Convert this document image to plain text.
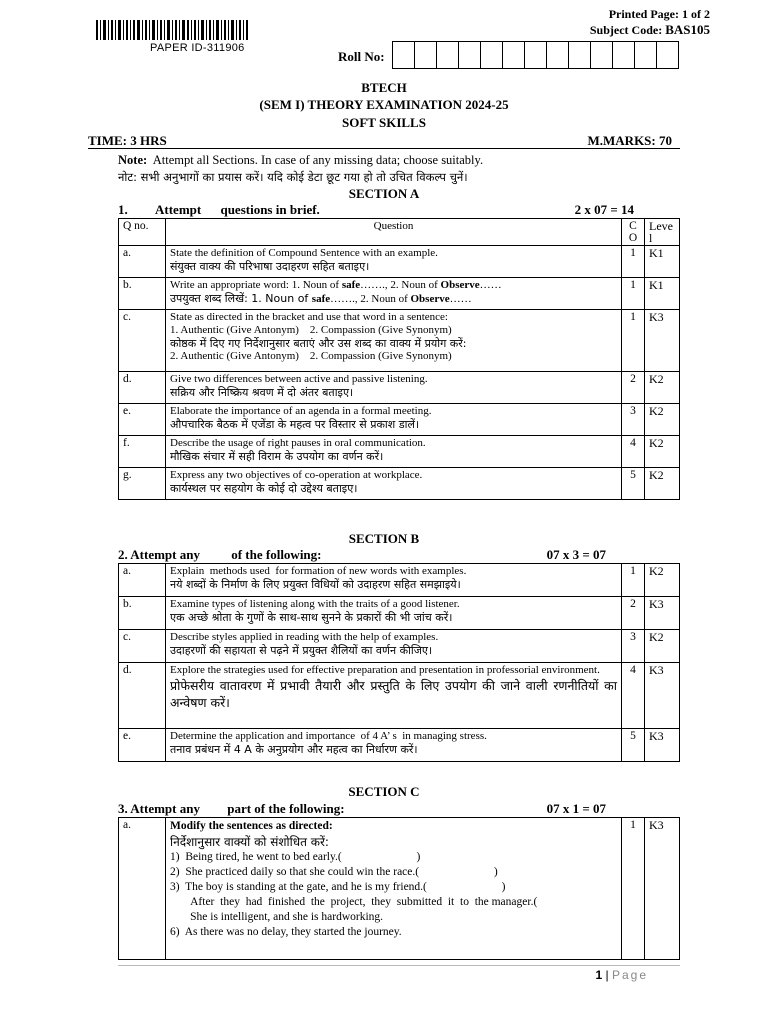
PAPER ID-311906
Printed Page: 1 of 2
Subject Code: BAS105
Roll No:
BTECH
(SEM I) THEORY EXAMINATION 2024-25
SOFT SKILLS
TIME: 3 HRS	M.MARKS: 70
Note: Attempt all Sections. In case of any missing data; choose suitably.
नोट: सभी अनुभागों का प्रयास करें। यदि कोई डेटा छूट गया हो तो उचित विकल्प चुनें।
SECTION A
1. Attempt questions in brief.	2 x 07 = 14
Q no.	Question	C O	Leve l
a.	State the definition of Compound Sentence with an example.
संयुक्त वाक्य की परिभाषा उदाहरण सहित बताइए।	1	K1
b.	Write an appropriate word: 1. Noun of safe……., 2. Noun of Observe……
उपयुक्त शब्द लिखें: 1. Noun of safe……., 2. Noun of Observe……	1	K1
c.	State as directed in the bracket and use that word in a sentence:
1. Authentic (Give Antonym)    2. Compassion (Give Synonym)
कोष्ठक में दिए गए निर्देशानुसार बताएं और उस शब्द का वाक्य में प्रयोग करें:
2. Authentic (Give Antonym)    2. Compassion (Give Synonym)	1	K3
d.	Give two differences between active and passive listening.
सक्रिय और निष्क्रिय श्रवण में दो अंतर बताइए।	2	K2
e.	Elaborate the importance of an agenda in a formal meeting.
औपचारिक बैठक में एजेंडा के महत्व पर विस्तार से प्रकाश डालें।	3	K2
f.	Describe the usage of right pauses in oral communication.
मौखिक संचार में सही विराम के उपयोग का वर्णन करें।	4	K2
g.	Express any two objectives of co-operation at workplace.
कार्यस्थल पर सहयोग के कोई दो उद्देश्य बताइए।	5	K2
SECTION B
2. Attempt any of the following:	07 x 3 = 07
a.	Explain  methods used  for formation of new words with examples.
नये शब्दों के निर्माण के लिए प्रयुक्त विधियों को उदाहरण सहित समझाइये।	1	K2
b.	Examine types of listening along with the traits of a good listener.
एक अच्छे श्रोता के गुणों के साथ-साथ सुनने के प्रकारों की भी जांच करें।	2	K3
c.	Describe styles applied in reading with the help of examples.
उदाहरणों की सहायता से पढ़ने में प्रयुक्त शैलियों का वर्णन कीजिए।	3	K2
d.	Explore the strategies used for effective preparation and presentation in professorial environment.
प्रोफेसरीय वातावरण में प्रभावी तैयारी और प्रस्तुति के लिए उपयोग की जाने वाली रणनीतियों का अन्वेषण करें।	4	K3
e.	Determine the application and importance  of 4 A’ s  in managing stress.
तनाव प्रबंधन में 4 A के अनुप्रयोग और महत्व का निर्धारण करें।	5	K3
SECTION C
3. Attempt any part of the following:	07 x 1 = 07
a.	Modify the sentences as directed:
निर्देशानुसार वाक्यों को संशोधित करें:
1)  Being tired, he went to bed early.(                          )
2)  She practiced daily so that she could win the race.(                          )
3)  The boy is standing at the gate, and he is my friend.(                          )
After  they  had  finished  the  project,  they  submitted  it  to  the manager.(
She is intelligent, and she is hardworking.
6)  As there was no delay, they started the journey.
	1	K3
1 | Page
